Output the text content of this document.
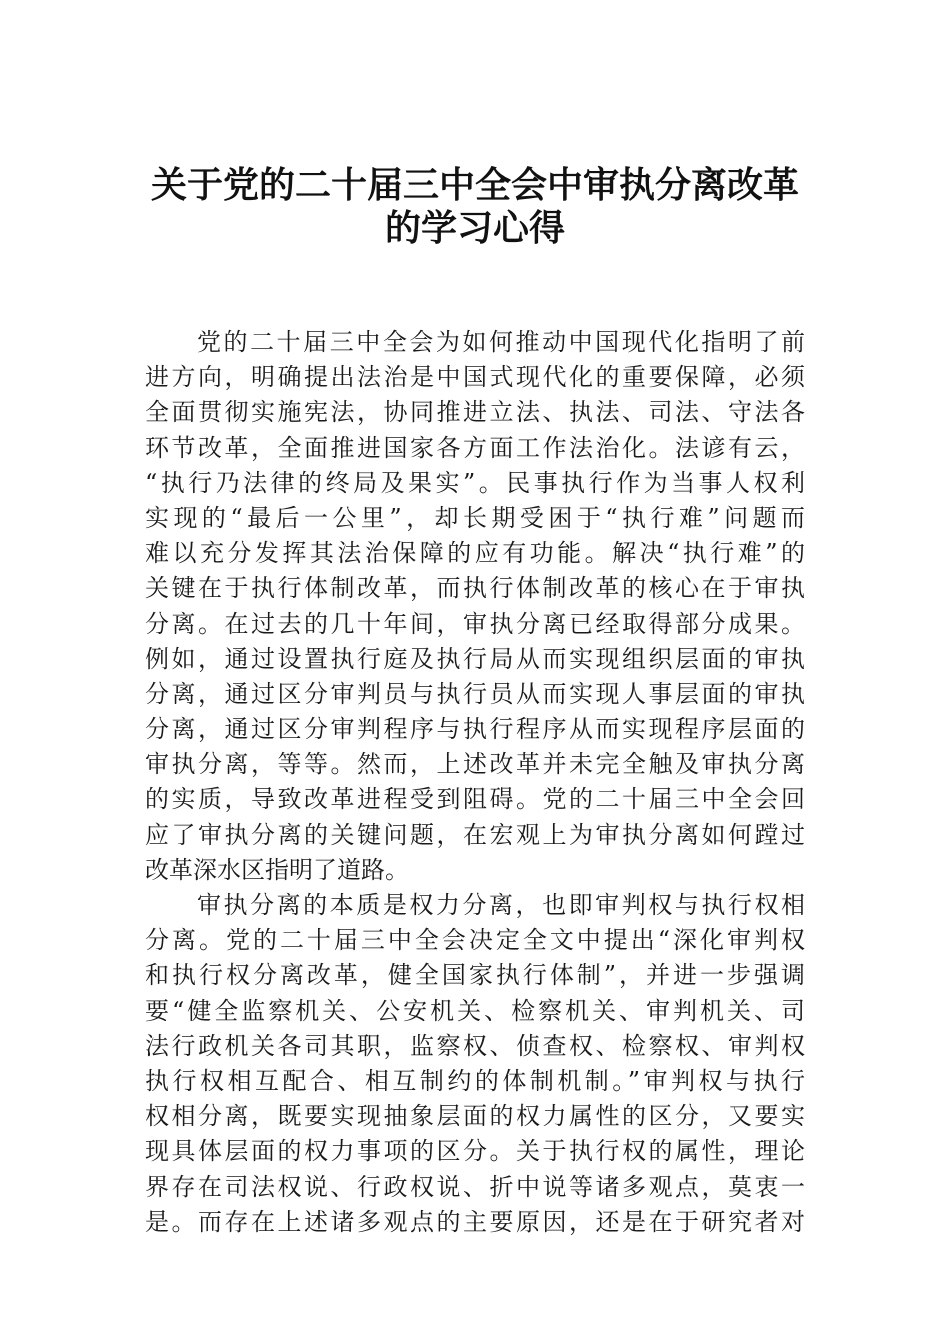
关于党的二十届三中全会中审执分离改革
的学习心得
党的二十届三中全会为如何推动中国现代化指明了前
进方向，明确提出法治是中国式现代化的重要保障，必须
全面贯彻实施宪法，协同推进立法、执法、司法、守法各
环节改革，全面推进国家各方面工作法治化。法谚有云，
“执行乃法律的终局及果实”。民事执行作为当事人权利
实现的“最后一公里”，却长期受困于“执行难”问题而
难以充分发挥其法治保障的应有功能。解决“执行难”的
关键在于执行体制改革，而执行体制改革的核心在于审执
分离。在过去的几十年间，审执分离已经取得部分成果。
例如，通过设置执行庭及执行局从而实现组织层面的审执
分离，通过区分审判员与执行员从而实现人事层面的审执
分离，通过区分审判程序与执行程序从而实现程序层面的
审执分离，等等。然而，上述改革并未完全触及审执分离
的实质，导致改革进程受到阻碍。党的二十届三中全会回
应了审执分离的关键问题，在宏观上为审执分离如何蹚过
改革深水区指明了道路。
审执分离的本质是权力分离，也即审判权与执行权相
分离。党的二十届三中全会决定全文中提出“深化审判权
和执行权分离改革，健全国家执行体制”，并进一步强调
要“健全监察机关、公安机关、检察机关、审判机关、司
法行政机关各司其职，监察权、侦查权、检察权、审判权
执行权相互配合、相互制约的体制机制。”审判权与执行
权相分离，既要实现抽象层面的权力属性的区分，又要实
现具体层面的权力事项的区分。关于执行权的属性，理论
界存在司法权说、行政权说、折中说等诸多观点，莫衷一
是。而存在上述诸多观点的主要原因，还是在于研究者对
